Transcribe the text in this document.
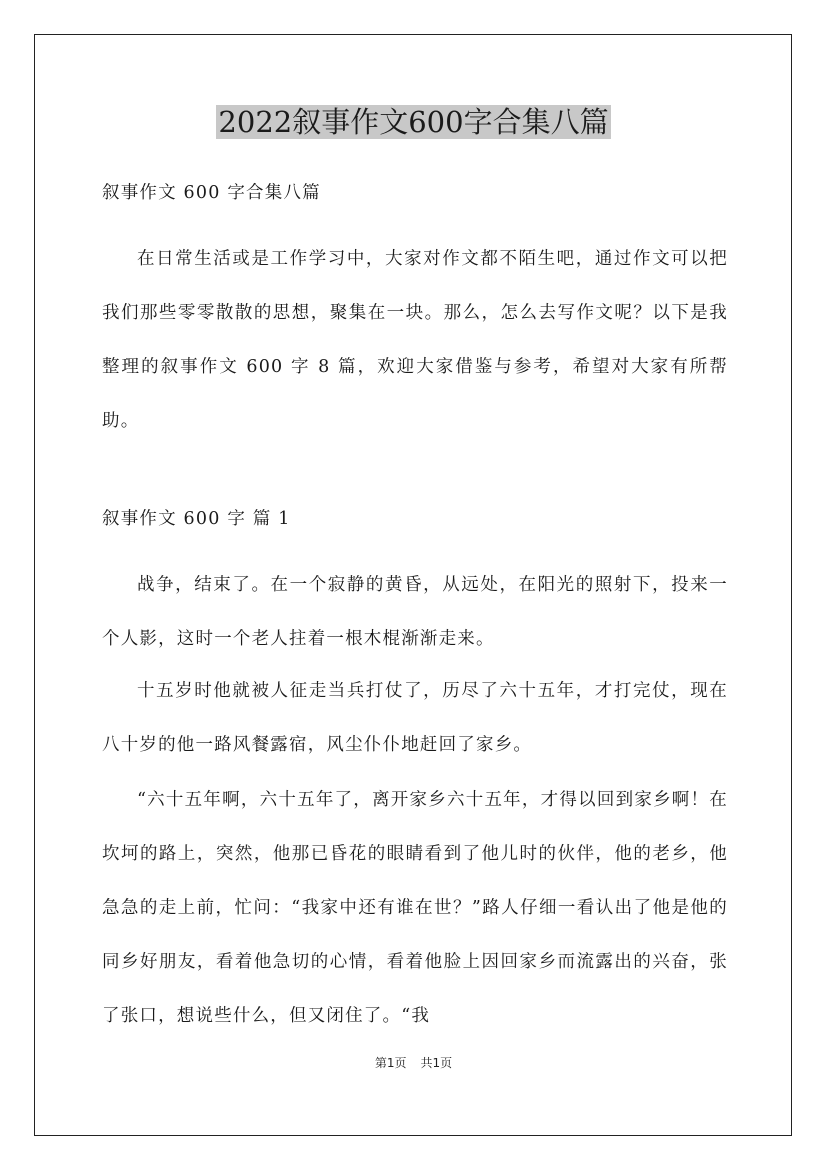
2022叙事作文600字合集八篇
叙事作文 600 字合集八篇
在日常生活或是工作学习中，大家对作文都不陌生吧，通过作文可以把我们那些零零散散的思想，聚集在一块。那么，怎么去写作文呢？以下是我整理的叙事作文 600 字 8 篇，欢迎大家借鉴与参考，希望对大家有所帮助。
叙事作文 600 字 篇 1
战争，结束了。在一个寂静的黄昏，从远处，在阳光的照射下，投来一个人影，这时一个老人拄着一根木棍渐渐走来。
十五岁时他就被人征走当兵打仗了，历尽了六十五年，才打完仗，现在八十岁的他一路风餐露宿，风尘仆仆地赶回了家乡。
“六十五年啊，六十五年了，离开家乡六十五年，才得以回到家乡啊！在坎坷的路上，突然，他那已昏花的眼睛看到了他儿时的伙伴，他的老乡，他急急的走上前，忙问：“我家中还有谁在世？”路人仔细一看认出了他是他的同乡好朋友，看着他急切的心情，看着他脸上因回家乡而流露出的兴奋，张了张口，想说些什么，但又闭住了。“我
第1页 共1页
